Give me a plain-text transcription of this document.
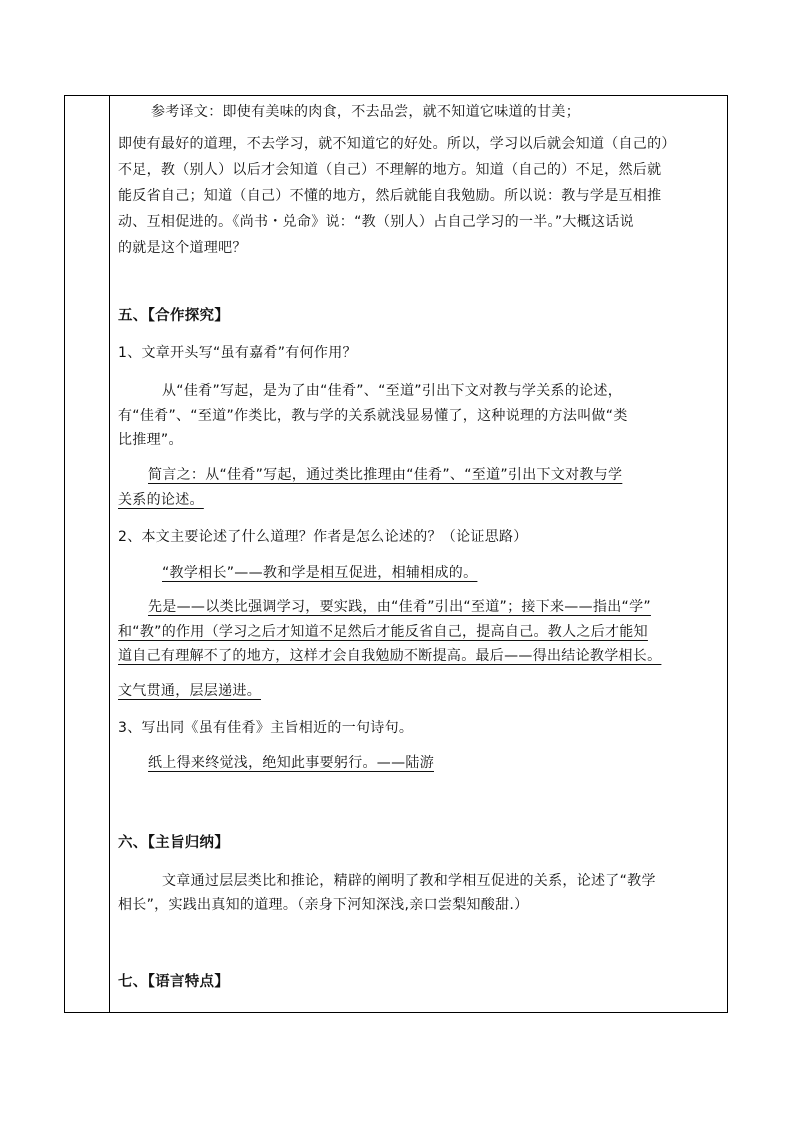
参考译文：即使有美味的肉食，不去品尝，就不知道它味道的甘美；
即使有最好的道理，不去学习，就不知道它的好处。所以，学习以后就会知道（自己的）
不足，教（别人）以后才会知道（自己）不理解的地方。知道（自己的）不足，然后就
能反省自己；知道（自己）不懂的地方，然后就能自我勉励。所以说：教与学是互相推
动、互相促进的。《尚书・兑命》说：“教（别人）占自己学习的一半。”大概这话说
的就是这个道理吧？
五、【合作探究】
1、文章开头写“虽有嘉肴”有何作用？
从“佳肴”写起，是为了由“佳肴”、“至道”引出下文对教与学关系的论述，
有“佳肴”、“至道”作类比，教与学的关系就浅显易懂了，这种说理的方法叫做“类
比推理”。
简言之：从“佳肴”写起，通过类比推理由“佳肴”、“至道”引出下文对教与学
关系的论述。
2、本文主要论述了什么道理？作者是怎么论述的？（论证思路）
“教学相长”——教和学是相互促进，相辅相成的。
先是——以类比强调学习，要实践，由“佳肴”引出“至道”；接下来——指出“学”
和“教”的作用（学习之后才知道不足然后才能反省自己，提高自己。教人之后才能知
道自己有理解不了的地方，这样才会自我勉励不断提高。最后——得出结论教学相长。
文气贯通，层层递进。
3、写出同《虽有佳肴》主旨相近的一句诗句。
纸上得来终觉浅，绝知此事要躬行。——陆游
六、【主旨归纳】
文章通过层层类比和推论，精辟的阐明了教和学相互促进的关系，论述了“教学
相长”，实践出真知的道理。（亲身下河知深浅,亲口尝梨知酸甜.）
七、【语言特点】
